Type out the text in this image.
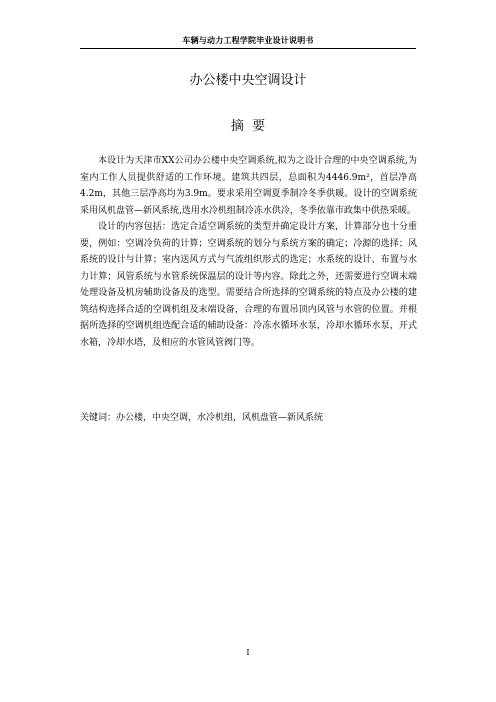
车辆与动力工程学院毕业设计说明书
办公楼中央空调设计
摘  要

本设计为天津市XX公司办公楼中央空调系统,拟为之设计合理的中央空调系统,为室内工作人员提供舒适的工作环境。建筑共四层，总面积为4446.9m²，首层净高4.2m，其他三层净高均为3.9m。要求采用空调夏季制冷冬季供暖。设计的空调系统采用风机盘管—新风系统,选用水冷机组制冷冻水供冷，冬季依靠市政集中供热采暖。

设计的内容包括：选定合适空调系统的类型并确定设计方案，计算部分也十分重要，例如：空调冷负荷的计算；空调系统的划分与系统方案的确定；冷源的选择；风系统的设计与计算；室内送风方式与气流组织形式的选定；水系统的设计、布置与水力计算；风管系统与水管系统保温层的设计等内容。除此之外，还需要进行空调末端处理设备及机房辅助设备及的选型。需要结合所选择的空调系统的特点及办公楼的建筑结构选择合适的空调机组及末端设备，合理的布置吊顶内风管与水管的位置。并根据所选择的空调机组选配合适的辅助设备：冷冻水循环水泵，冷却水循环水泵，开式水箱，冷却水塔，及相应的水管风管阀门等。

关键词：办公楼，中央空调，水冷机组，风机盘管—新风系统
I
